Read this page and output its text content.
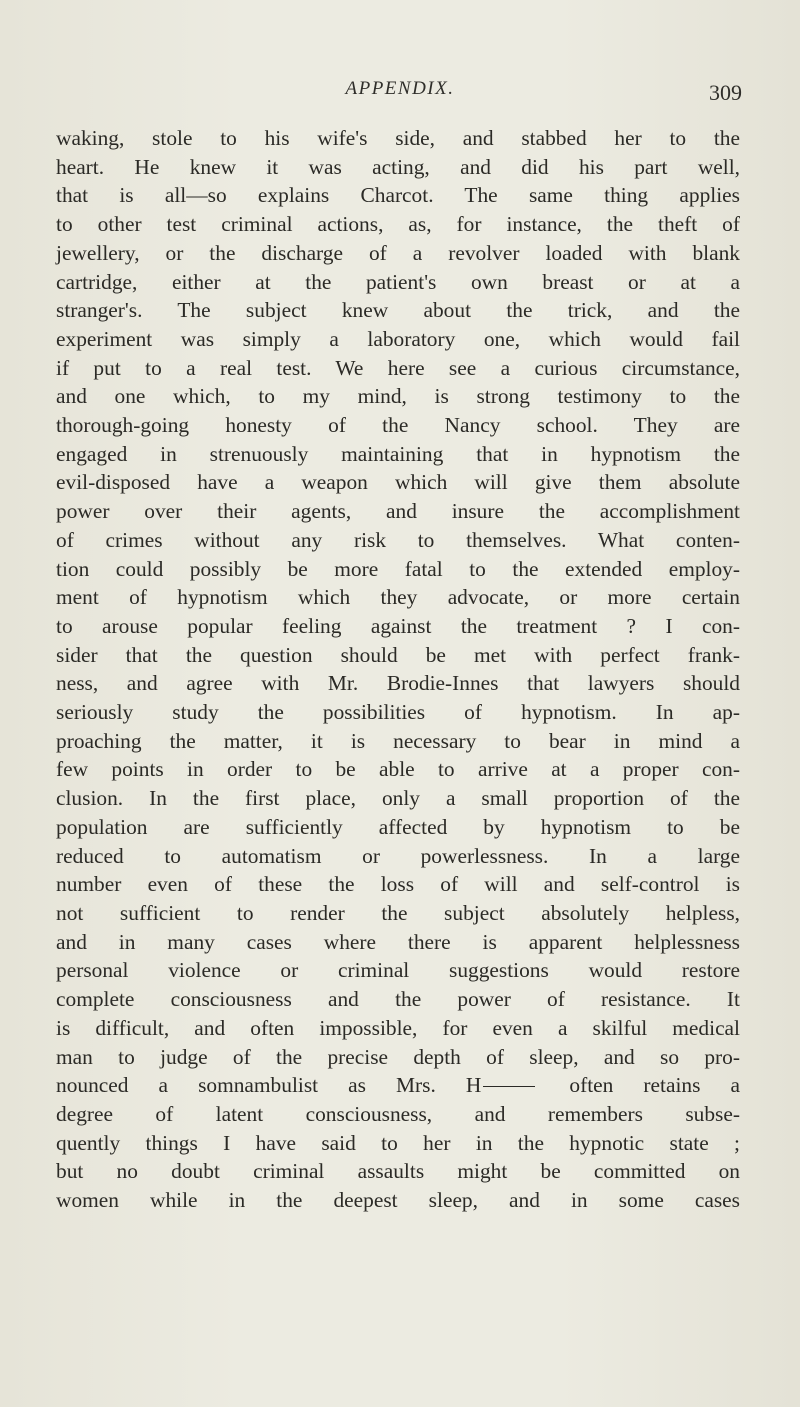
APPENDIX.	309
waking, stole to his wife's side, and stabbed her to the
heart. He knew it was acting, and did his part well,
that is all—so explains Charcot. The same thing applies
to other test criminal actions, as, for instance, the theft of
jewellery, or the discharge of a revolver loaded with blank
cartridge, either at the patient's own breast or at a
stranger's. The subject knew about the trick, and the
experiment was simply a laboratory one, which would fail
if put to a real test. We here see a curious circumstance,
and one which, to my mind, is strong testimony to the
thorough-going honesty of the Nancy school. They are
engaged in strenuously maintaining that in hypnotism the
evil-disposed have a weapon which will give them absolute
power over their agents, and insure the accomplishment
of crimes without any risk to themselves. What conten-
tion could possibly be more fatal to the extended employ-
ment of hypnotism which they advocate, or more certain
to arouse popular feeling against the treatment ? I con-
sider that the question should be met with perfect frank-
ness, and agree with Mr. Brodie-Innes that lawyers should
seriously study the possibilities of hypnotism. In ap-
proaching the matter, it is necessary to bear in mind a
few points in order to be able to arrive at a proper con-
clusion. In the first place, only a small proportion of the
population are sufficiently affected by hypnotism to be
reduced to automatism or powerlessness. In a large
number even of these the loss of will and self-control is
not sufficient to render the subject absolutely helpless,
and in many cases where there is apparent helplessness
personal violence or criminal suggestions would restore
complete consciousness and the power of resistance. It
is difficult, and often impossible, for even a skilful medical
man to judge of the precise depth of sleep, and so pro-
nounced a somnambulist as Mrs. H	often retains a
degree of latent consciousness, and remembers subse-
quently things I have said to her in the hypnotic state ;
but no doubt criminal assaults might be committed on
women while in the deepest sleep, and in some cases
